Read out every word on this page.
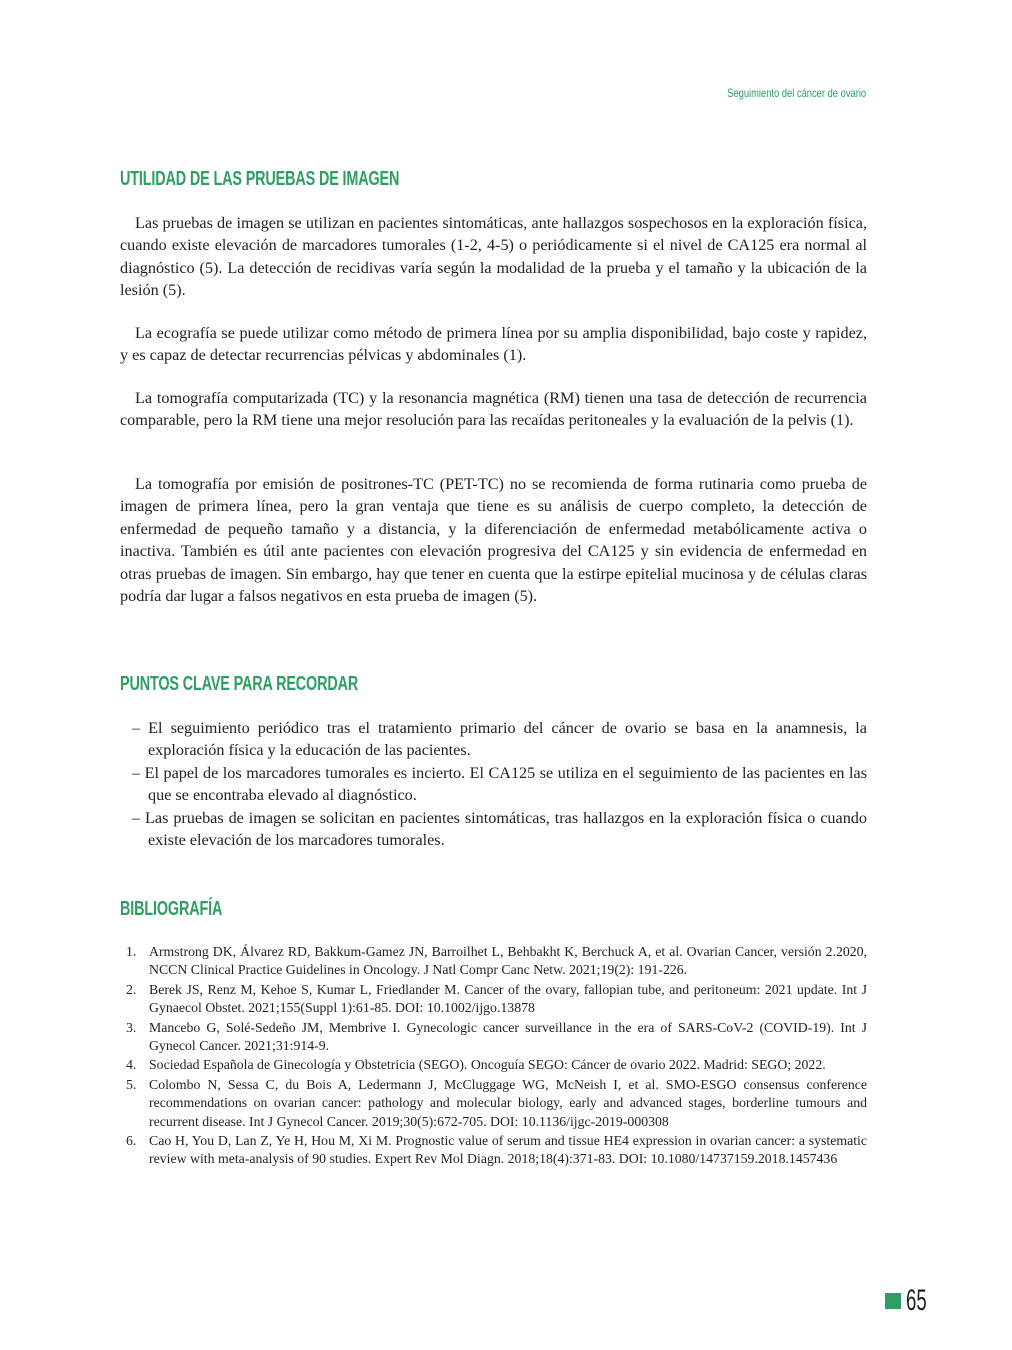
Seguimiento del cáncer de ovario
UTILIDAD DE LAS PRUEBAS DE IMAGEN

Las pruebas de imagen se utilizan en pacientes sintomáticas, ante hallazgos sospechosos en la exploración física, cuando existe elevación de marcadores tumorales (1-2, 4-5) o periódicamente si el nivel de CA125 era normal al diagnóstico (5). La detección de recidivas varía según la modalidad de la prueba y el tamaño y la ubicación de la lesión (5).

La ecografía se puede utilizar como método de primera línea por su amplia disponibilidad, bajo coste y rapidez, y es capaz de detectar recurrencias pélvicas y abdominales (1).

La tomografía computarizada (TC) y la resonancia magnética (RM) tienen una tasa de detección de recurrencia comparable, pero la RM tiene una mejor resolución para las recaídas peritoneales y la evaluación de la pelvis (1).

La tomografía por emisión de positrones-TC (PET-TC) no se recomienda de forma rutinaria como prueba de imagen de primera línea, pero la gran ventaja que tiene es su análisis de cuerpo completo, la detección de enfermedad de pequeño tamaño y a distancia, y la diferenciación de enfermedad metabólicamente activa o inactiva. También es útil ante pacientes con elevación progresiva del CA125 y sin evidencia de enfermedad en otras pruebas de imagen. Sin embargo, hay que tener en cuenta que la estirpe epitelial mucinosa y de células claras podría dar lugar a falsos negativos en esta prueba de imagen (5).

PUNTOS CLAVE PARA RECORDAR
– El seguimiento periódico tras el tratamiento primario del cáncer de ovario se basa en la anamnesis, la exploración física y la educación de las pacientes.
– El papel de los marcadores tumorales es incierto. El CA125 se utiliza en el seguimiento de las pacientes en las que se encontraba elevado al diagnóstico.
– Las pruebas de imagen se solicitan en pacientes sintomáticas, tras hallazgos en la exploración física o cuando existe elevación de los marcadores tumorales.
BIBLIOGRAFÍA
1. Armstrong DK, Álvarez RD, Bakkum-Gamez JN, Barroilhet L, Behbakht K, Berchuck A, et al. Ovarian Cancer, versión 2.2020, NCCN Clinical Practice Guidelines in Oncology. J Natl Compr Canc Netw. 2021;19(2): 191-226.
2. Berek JS, Renz M, Kehoe S, Kumar L, Friedlander M. Cancer of the ovary, fallopian tube, and peritoneum: 2021 update. Int J Gynaecol Obstet. 2021;155(Suppl 1):61-85. DOI: 10.1002/ijgo.13878
3. Mancebo G, Solé-Sedeño JM, Membrive I. Gynecologic cancer surveillance in the era of SARS-CoV-2 (COVID-19). Int J Gynecol Cancer. 2021;31:914-9.
4. Sociedad Española de Ginecología y Obstetricia (SEGO). Oncoguía SEGO: Cáncer de ovario 2022. Madrid: SEGO; 2022.
5. Colombo N, Sessa C, du Bois A, Ledermann J, McCluggage WG, McNeish I, et al. SMO-ESGO consensus conference recommendations on ovarian cancer: pathology and molecular biology, early and advanced stages, borderline tumours and recurrent disease. Int J Gynecol Cancer. 2019;30(5):672-705. DOI: 10.1136/ijgc-2019-000308
6. Cao H, You D, Lan Z, Ye H, Hou M, Xi M. Prognostic value of serum and tissue HE4 expression in ovarian cancer: a systematic review with meta-analysis of 90 studies. Expert Rev Mol Diagn. 2018;18(4):371-83. DOI: 10.1080/14737159.2018.1457436
65
